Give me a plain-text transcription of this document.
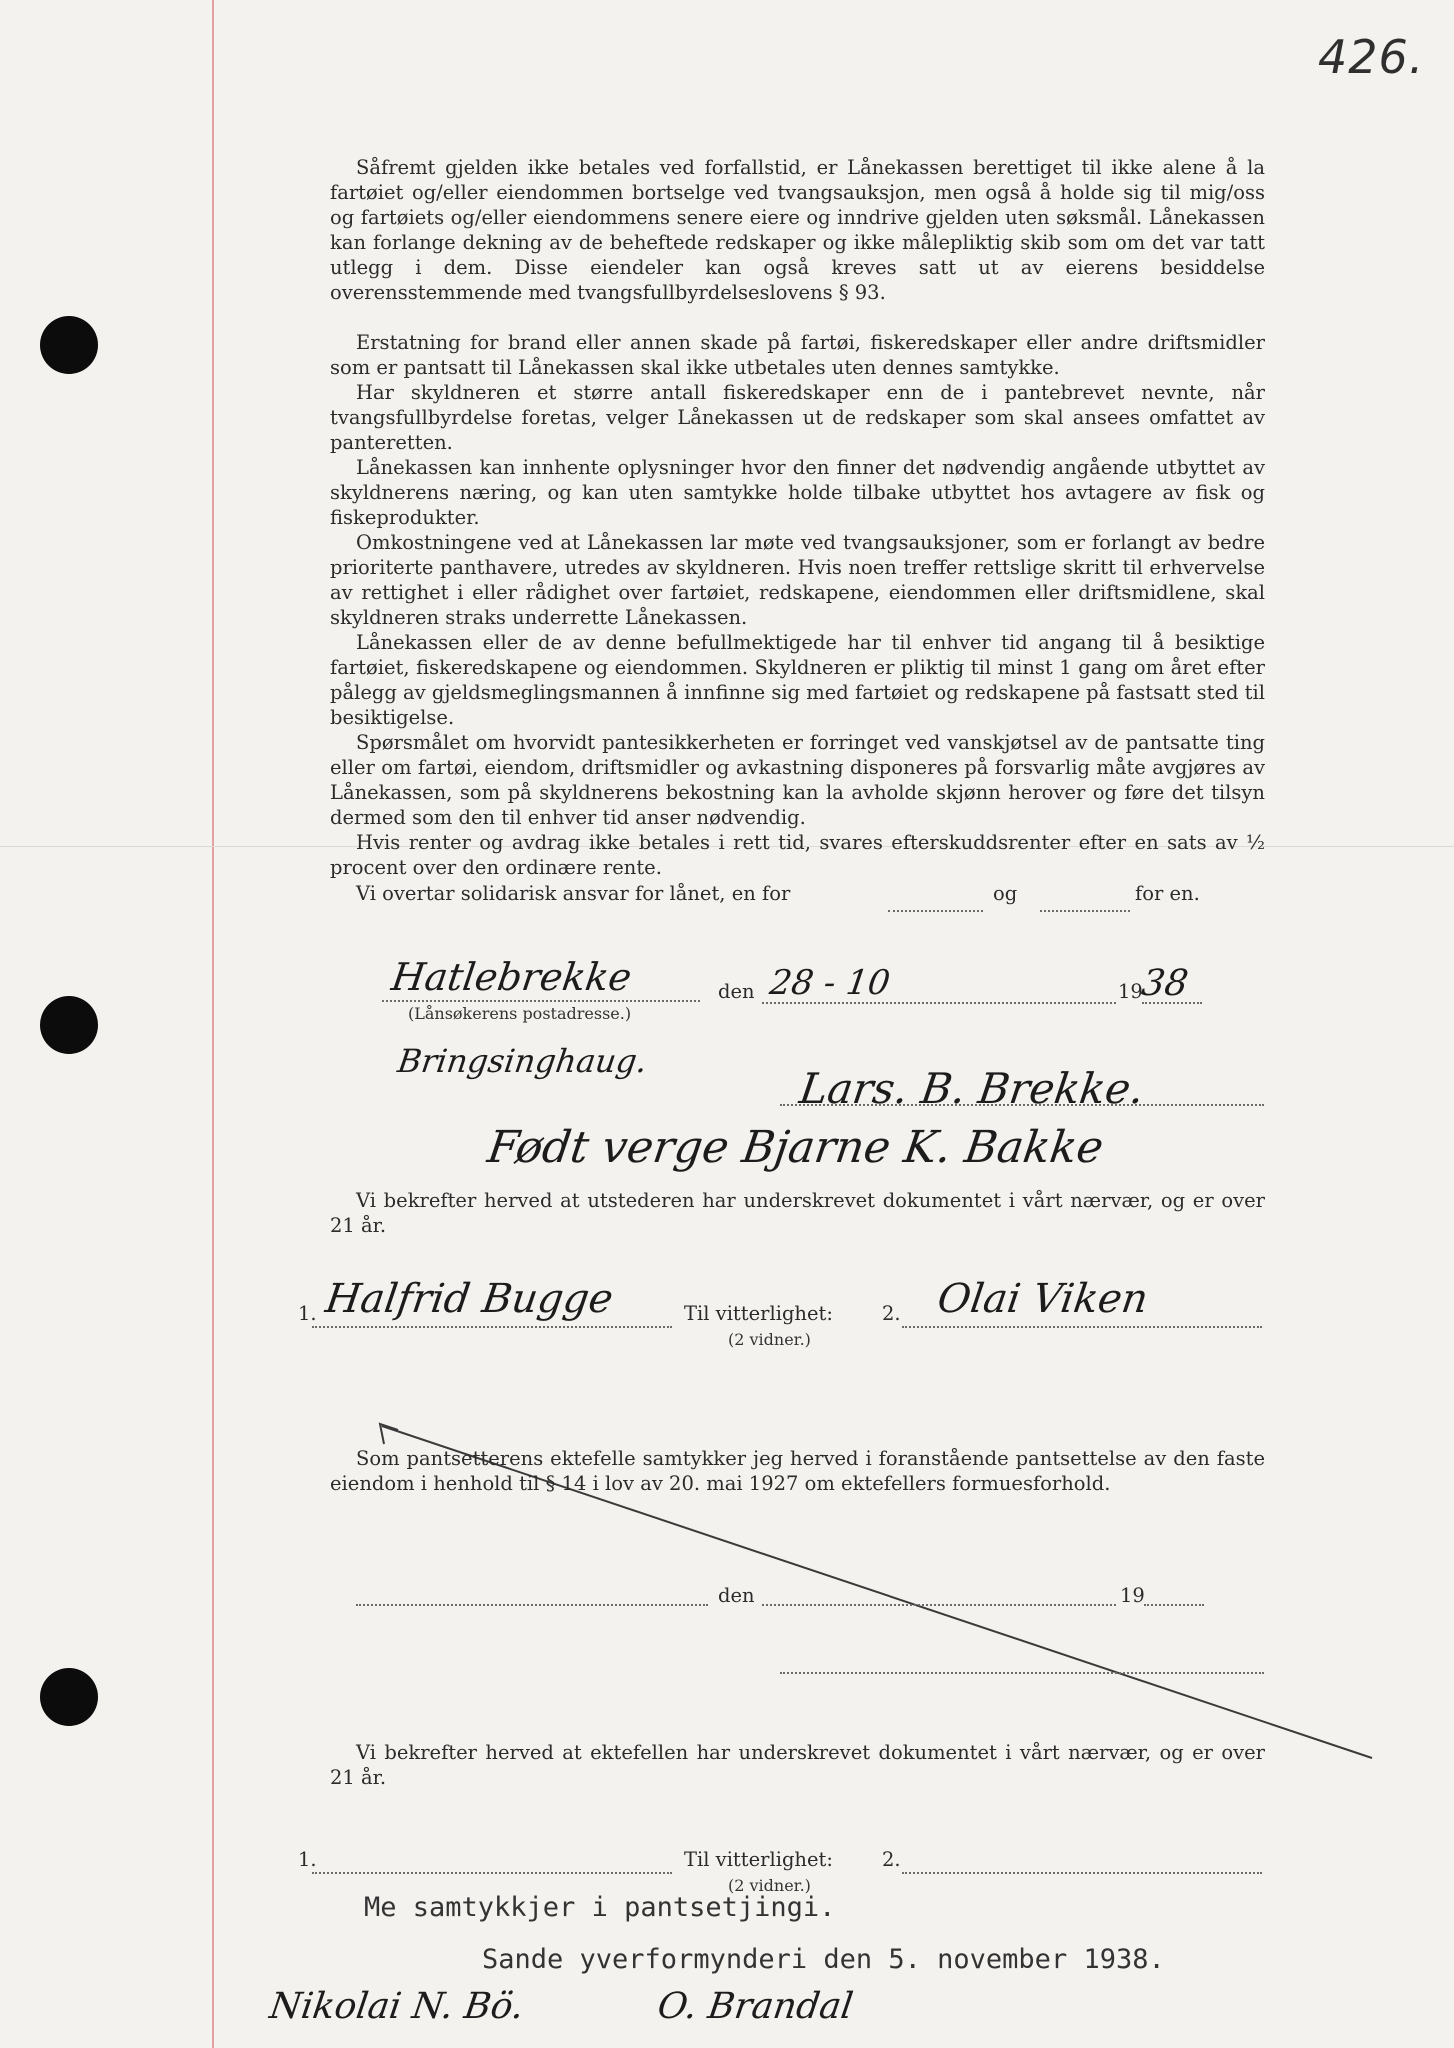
426.

Såfremt gjelden ikke betales ved forfallstid, er Lånekassen berettiget til ikke alene å la fartøiet og/eller eiendommen bortselge ved tvangsauksjon, men også å holde sig til mig/oss og fartøiets og/eller eiendommens senere eiere og inndrive gjelden uten søksmål. Lånekassen kan forlange dekning av de beheftede redskaper og ikke målepliktig skib som om det var tatt utlegg i dem. Disse eiendeler kan også kreves satt ut av eierens besiddelse overensstemmende med tvangsfullbyrdelseslovens § 93.

Erstatning for brand eller annen skade på fartøi, fiskeredskaper eller andre driftsmidler som er pantsatt til Lånekassen skal ikke utbetales uten dennes samtykke.

Har skyldneren et større antall fiskeredskaper enn de i pantebrevet nevnte, når tvangsfullbyrdelse foretas, velger Lånekassen ut de redskaper som skal ansees omfattet av panteretten.

Lånekassen kan innhente oplysninger hvor den finner det nødvendig angående utbyttet av skyldnerens næring, og kan uten samtykke holde tilbake utbyttet hos avtagere av fisk og fiskeprodukter.

Omkostningene ved at Lånekassen lar møte ved tvangsauksjoner, som er forlangt av bedre prioriterte panthavere, utredes av skyldneren. Hvis noen treffer rettslige skritt til erhvervelse av rettighet i eller rådighet over fartøiet, redskapene, eiendommen eller driftsmidlene, skal skyldneren straks underrette Lånekassen.

Lånekassen eller de av denne befullmektigede har til enhver tid angang til å besiktige fartøiet, fiskeredskapene og eiendommen. Skyldneren er pliktig til minst 1 gang om året efter pålegg av gjeldsmeglingsmannen å innfinne sig med fartøiet og redskapene på fastsatt sted til besiktigelse.

Spørsmålet om hvorvidt pantesikkerheten er forringet ved vanskjøtsel av de pantsatte ting eller om fartøi, eiendom, driftsmidler og avkastning disponeres på forsvarlig måte avgjøres av Lånekassen, som på skyldnerens bekostning kan la avholde skjønn herover og føre det tilsyn dermed som den til enhver tid anser nødvendig.

Hvis renter og avdrag ikke betales i rett tid, svares efterskuddsrenter efter en sats av ½ procent over den ordinære rente.

Vi overtar solidarisk ansvar for lånet, en for	og	for en.
Hatlebrekke	den 28 - 10	19
38
(Lånsøkerens postadresse.)
Bringsinghaug.
Lars. B. Brekke.
Født verge Bjarne K. Bakke

Vi bekrefter herved at utstederen har underskrevet dokumentet i vårt nærvær, og er over 21 år.

1. Halfrid Bugge	Til vitterlighet:	2. Olai Viken
(2 vidner.)

Som pantsetterens ektefelle samtykker jeg herved i foranstående pantsettelse av den faste eiendom i henhold til § 14 i lov av 20. mai 1927 om ektefellers formuesforhold.

den	19

Vi bekrefter herved at ektefellen har underskrevet dokumentet i vårt nærvær, og er over 21 år.

1.	Til vitterlighet:	2.
(2 vidner.)
Me samtykkjer i pantsetjingi.
Sande yverformynderi den 5. november 1938.
Nikolai N. Bö.	O. Brandal
